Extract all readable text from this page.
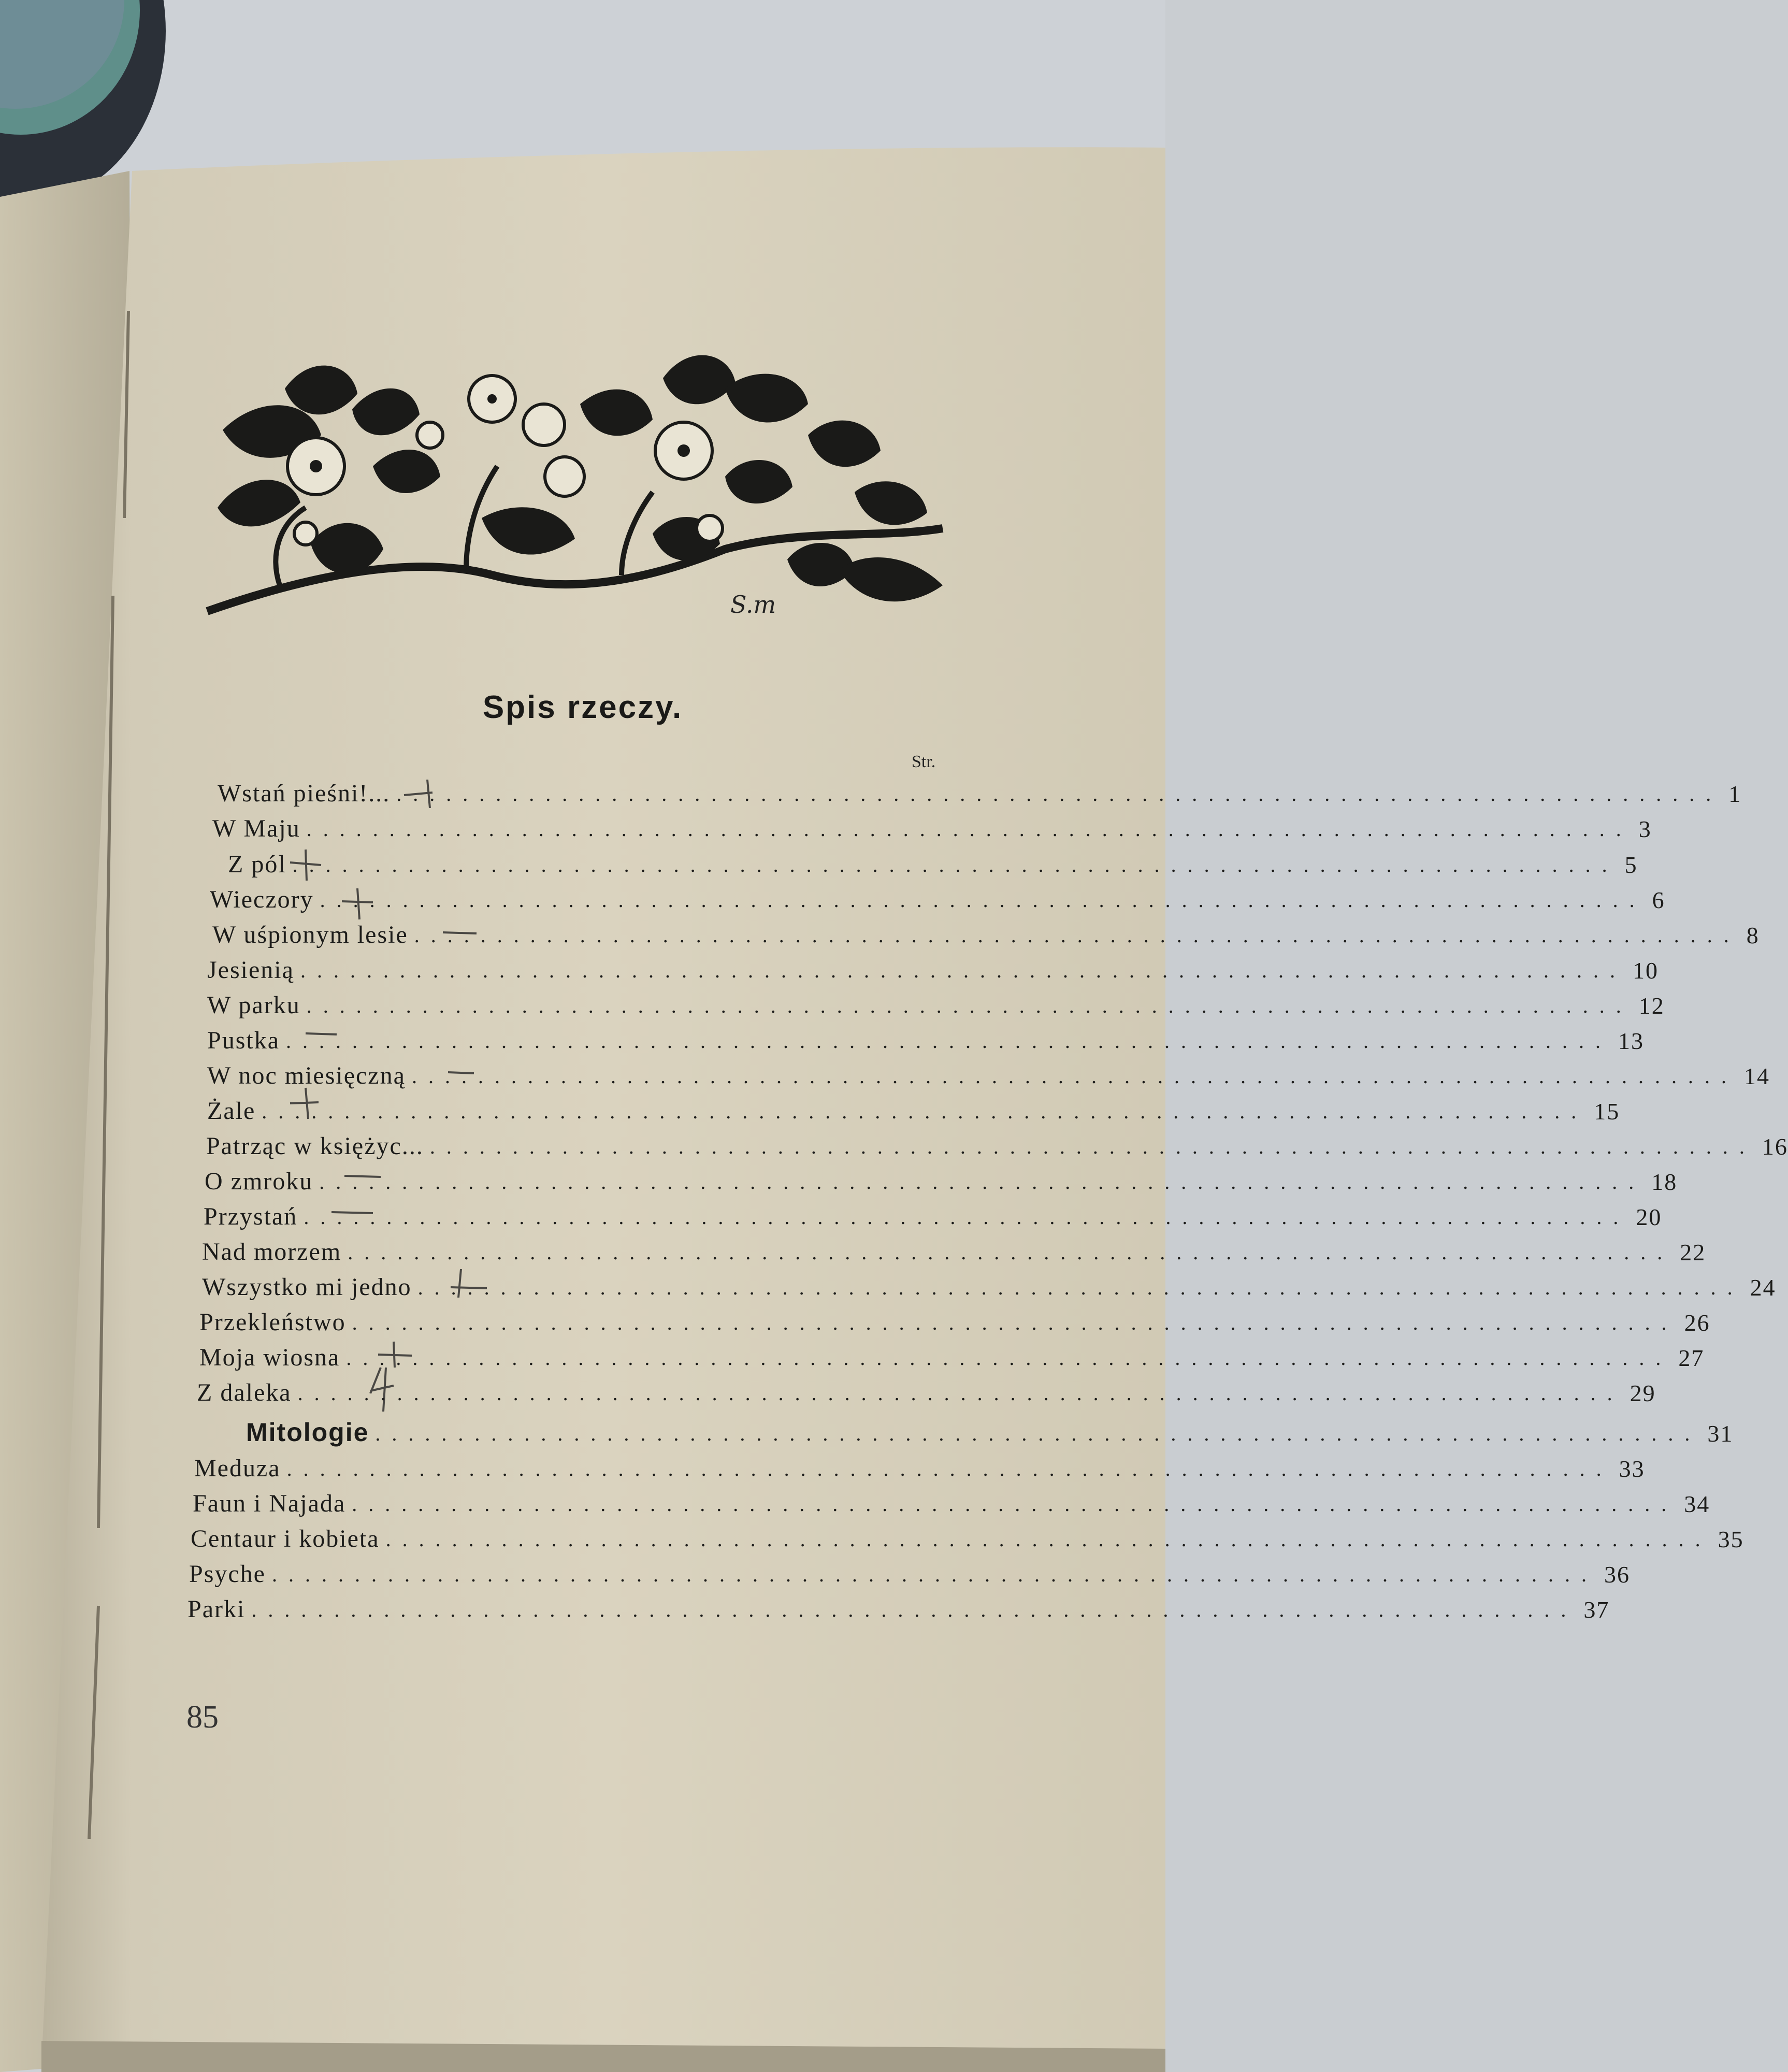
Spis rzeczy.
Str.
S.m
Wstań pieśni!... ................................................................................ 1
W Maju ................................................................................ 3
Z pól ................................................................................ 5
Wieczory ................................................................................ 6
W uśpionym lesie ................................................................................ 8
Jesienią ................................................................................ 10
W parku ................................................................................ 12
Pustka ................................................................................ 13
W noc miesięczną ................................................................................ 14
Żale ................................................................................ 15
Patrząc w księżyc... ................................................................................ 16
O zmroku ................................................................................ 18
Przystań ................................................................................ 20
Nad morzem ................................................................................ 22
Wszystko mi jedno ................................................................................ 24
Przekleństwo ................................................................................ 26
Moja wiosna ................................................................................ 27
Z daleka ................................................................................ 29
Mitologie ................................................................................ 31
Meduza ................................................................................ 33
Faun i Najada ................................................................................ 34
Centaur i kobieta ................................................................................ 35
Psyche ................................................................................ 36
Parki ................................................................................ 37
85
